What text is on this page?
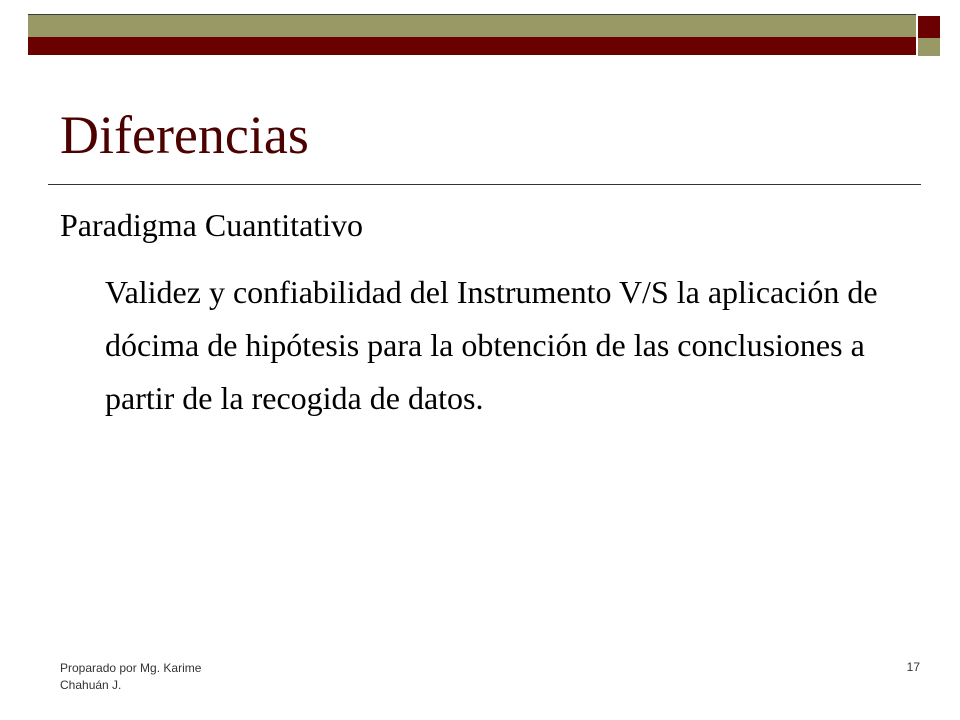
Diferencias
Paradigma Cuantitativo
Validez y confiabilidad del Instrumento V/S la aplicación de dócima de hipótesis para la obtención de las conclusiones a partir de la recogida de datos.
Proparado por Mg. Karime Chahuán J.
17
